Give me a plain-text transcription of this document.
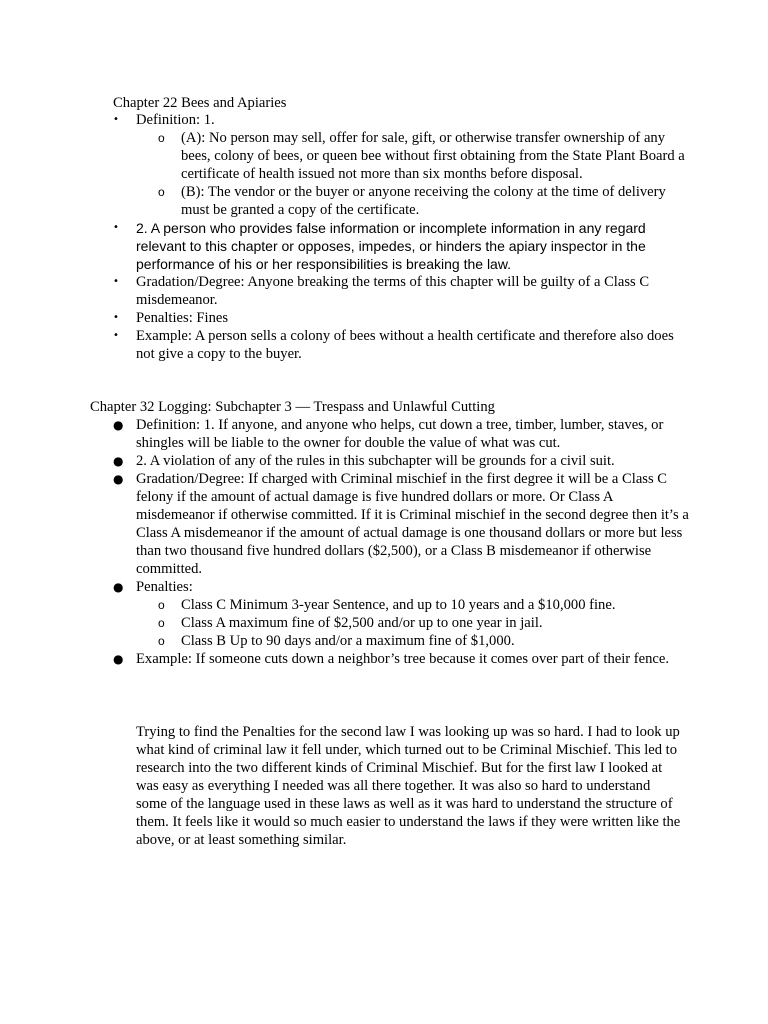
Chapter 22 Bees and Apiaries
•	Definition: 1.
o (A): No person may sell, offer for sale, gift, or otherwise transfer ownership of any bees, colony of bees, or queen bee without first obtaining from the State Plant Board a certificate of health issued not more than six months before disposal.
o (B): The vendor or the buyer or anyone receiving the colony at the time of delivery must be granted a copy of the certificate.
•	2. A person who provides false information or incomplete information in any regard relevant to this chapter or opposes, impedes, or hinders the apiary inspector in the performance of his or her responsibilities is breaking the law.
•	Gradation/Degree: Anyone breaking the terms of this chapter will be guilty of a Class C misdemeanor.
•	Penalties: Fines
•	Example: A person sells a colony of bees without a health certificate and therefore also does not give a copy to the buyer.
Chapter 32 Logging: Subchapter 3 — Trespass and Unlawful Cutting
● Definition: 1. If anyone, and anyone who helps, cut down a tree, timber, lumber, staves, or shingles will be liable to the owner for double the value of what was cut.
● 2. A violation of any of the rules in this subchapter will be grounds for a civil suit.
● Gradation/Degree: If charged with Criminal mischief in the first degree it will be a Class C felony if the amount of actual damage is five hundred dollars or more. Or Class A misdemeanor if otherwise committed. If it is Criminal mischief in the second degree then it’s a Class A misdemeanor if the amount of actual damage is one thousand dollars or more but less than two thousand five hundred dollars ($2,500), or a Class B misdemeanor if otherwise committed.
● Penalties:
o Class C Minimum 3-year Sentence, and up to 10 years and a $10,000 fine.
o Class A maximum fine of $2,500 and/or up to one year in jail.
o Class B Up to 90 days and/or a maximum fine of $1,000.
● Example: If someone cuts down a neighbor’s tree because it comes over part of their fence.

Trying to find the Penalties for the second law I was looking up was so hard. I had to look up what kind of criminal law it fell under, which turned out to be Criminal Mischief. This led to research into the two different kinds of Criminal Mischief. But for the first law I looked at was easy as everything I needed was all there together. It was also so hard to understand some of the language used in these laws as well as it was hard to understand the structure of them. It feels like it would so much easier to understand the laws if they were written like the above, or at least something similar.
